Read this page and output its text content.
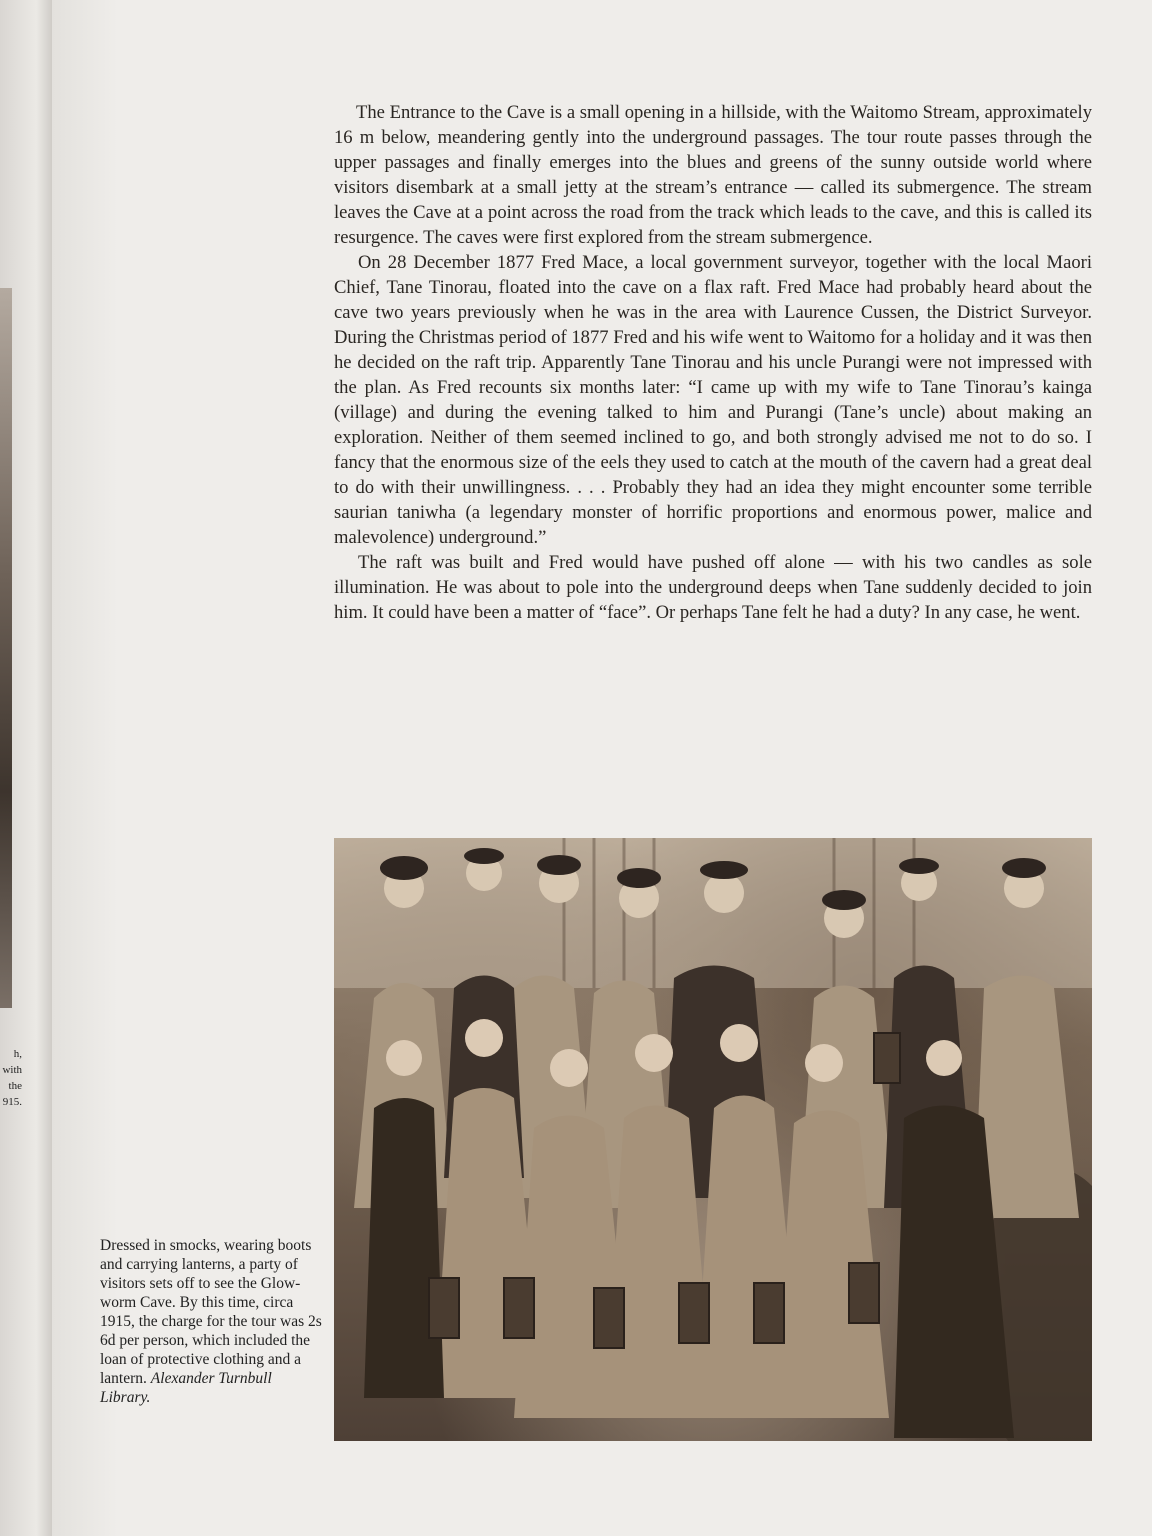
h, with
the
915.

The Entrance to the Cave is a small opening in a hillside, with the Waitomo Stream, approximately 16 m below, meandering gently into the underground passages. The tour route passes through the upper passages and finally emerges into the blues and greens of the sunny outside world where visitors disembark at a small jetty at the stream’s entrance — called its submergence. The stream leaves the Cave at a point across the road from the track which leads to the cave, and this is called its resurgence. The caves were first explored from the stream submergence.

On 28 December 1877 Fred Mace, a local government surveyor, together with the local Maori Chief, Tane Tinorau, floated into the cave on a flax raft. Fred Mace had probably heard about the cave two years previously when he was in the area with Laurence Cussen, the District Surveyor. During the Christmas period of 1877 Fred and his wife went to Waitomo for a holiday and it was then he decided on the raft trip. Apparently Tane Tinorau and his uncle Purangi were not impressed with the plan. As Fred recounts six months later: “I came up with my wife to Tane Tinorau’s kainga (village) and during the evening talked to him and Purangi (Tane’s uncle) about making an exploration. Neither of them seemed inclined to go, and both strongly advised me not to do so. I fancy that the enormous size of the eels they used to catch at the mouth of the cavern had a great deal to do with their unwillingness. . . . Probably they had an idea they might encounter some terrible saurian taniwha (a legendary monster of horrific proportions and enormous power, malice and malevolence) underground.”

The raft was built and Fred would have pushed off alone — with his two candles as sole illumination. He was about to pole into the underground deeps when Tane suddenly decided to join him. It could have been a matter of “face”. Or perhaps Tane felt he had a duty? In any case, he went.

Dressed in smocks, wearing boots and carrying lanterns, a party of visitors sets off to see the Glow-worm Cave. By this time, circa 1915, the charge for the tour was 2s 6d per person, which included the loan of protective clothing and a lantern. Alexander Turnbull Library.
